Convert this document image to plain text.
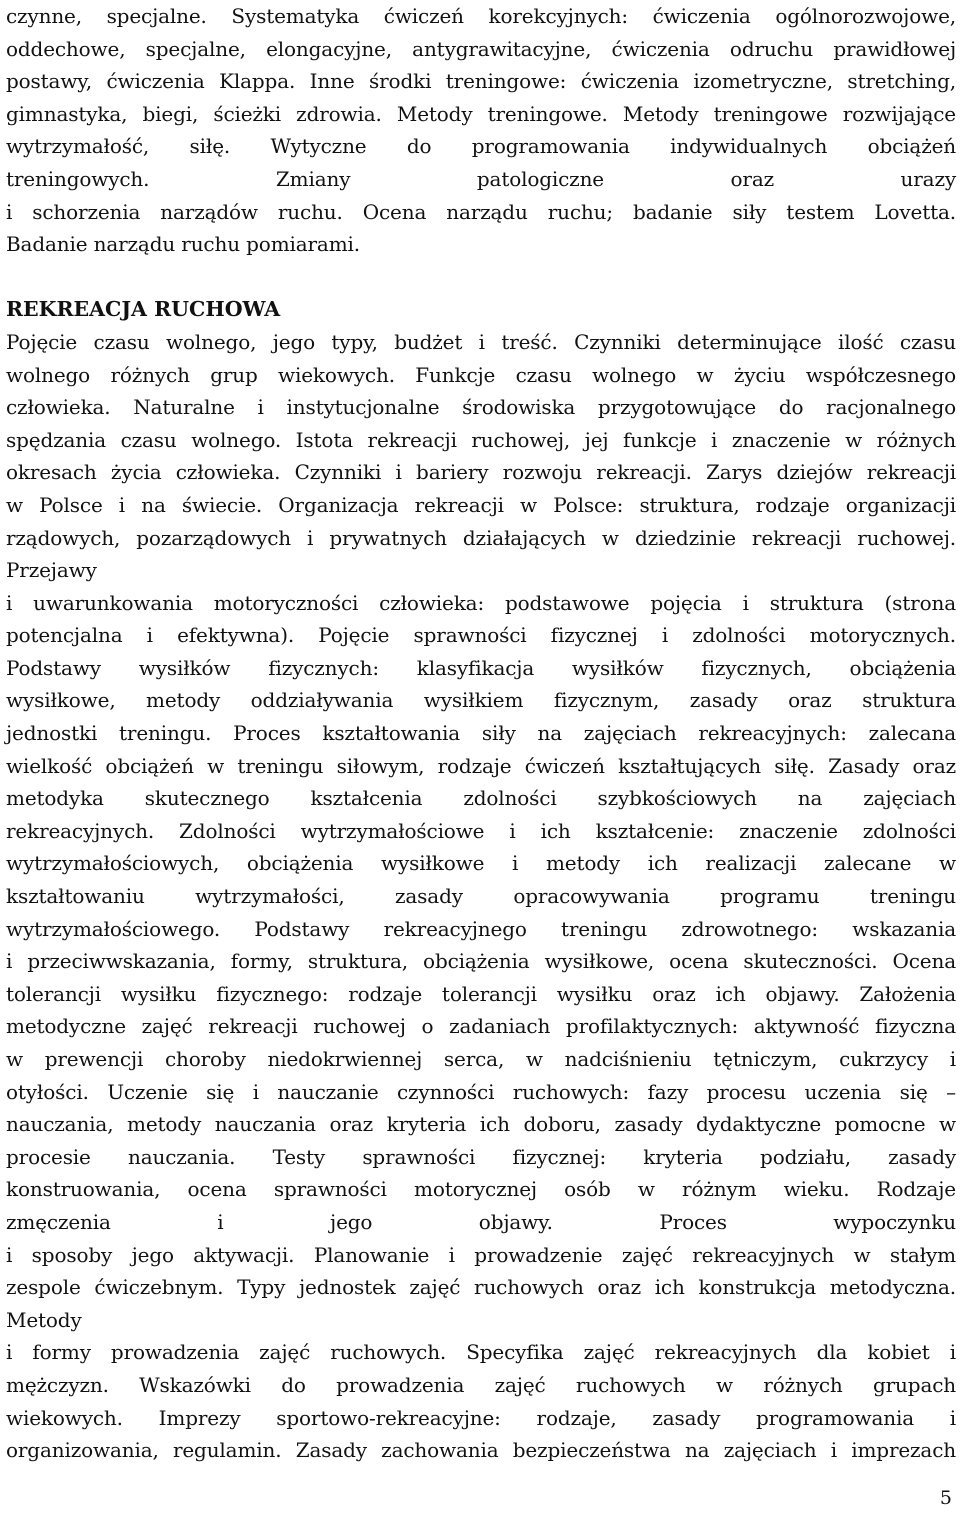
czynne, specjalne. Systematyka ćwiczeń korekcyjnych: ćwiczenia ogólnorozwojowe,
oddechowe, specjalne, elongacyjne, antygrawitacyjne, ćwiczenia odruchu prawidłowej
postawy, ćwiczenia Klappa. Inne środki treningowe: ćwiczenia izometryczne, stretching,
gimnastyka, biegi, ścieżki zdrowia. Metody treningowe. Metody treningowe rozwijające
wytrzymałość, siłę. Wytyczne do programowania indywidualnych obciążeń
treningowych. Zmiany patologiczne oraz urazy
i schorzenia narządów ruchu. Ocena narządu ruchu; badanie siły testem Lovetta.
Badanie narządu ruchu pomiarami.
REKREACJA RUCHOWA
Pojęcie czasu wolnego, jego typy, budżet i treść. Czynniki determinujące ilość czasu
wolnego różnych grup wiekowych. Funkcje czasu wolnego w życiu współczesnego
człowieka. Naturalne i instytucjonalne środowiska przygotowujące do racjonalnego
spędzania czasu wolnego. Istota rekreacji ruchowej, jej funkcje i znaczenie w różnych
okresach życia człowieka. Czynniki i bariery rozwoju rekreacji. Zarys dziejów rekreacji
w Polsce i na świecie. Organizacja rekreacji w Polsce: struktura, rodzaje organizacji
rządowych, pozarządowych i prywatnych działających w dziedzinie rekreacji ruchowej.
Przejawy
i uwarunkowania motoryczności człowieka: podstawowe pojęcia i struktura (strona
potencjalna i efektywna). Pojęcie sprawności fizycznej i zdolności motorycznych.
Podstawy wysiłków fizycznych: klasyfikacja wysiłków fizycznych, obciążenia
wysiłkowe, metody oddziaływania wysiłkiem fizycznym, zasady oraz struktura
jednostki treningu. Proces kształtowania siły na zajęciach rekreacyjnych: zalecana
wielkość obciążeń w treningu siłowym, rodzaje ćwiczeń kształtujących siłę. Zasady oraz
metodyka skutecznego kształcenia zdolności szybkościowych na zajęciach
rekreacyjnych. Zdolności wytrzymałościowe i ich kształcenie: znaczenie zdolności
wytrzymałościowych, obciążenia wysiłkowe i metody ich realizacji zalecane w
kształtowaniu wytrzymałości, zasady opracowywania programu treningu
wytrzymałościowego. Podstawy rekreacyjnego treningu zdrowotnego: wskazania
i przeciwwskazania, formy, struktura, obciążenia wysiłkowe, ocena skuteczności. Ocena
tolerancji wysiłku fizycznego: rodzaje tolerancji wysiłku oraz ich objawy. Założenia
metodyczne zajęć rekreacji ruchowej o zadaniach profilaktycznych: aktywność fizyczna
w prewencji choroby niedokrwiennej serca, w nadciśnieniu tętniczym, cukrzycy i
otyłości. Uczenie się i nauczanie czynności ruchowych: fazy procesu uczenia się –
nauczania, metody nauczania oraz kryteria ich doboru, zasady dydaktyczne pomocne w
procesie nauczania. Testy sprawności fizycznej: kryteria podziału, zasady
konstruowania, ocena sprawności motorycznej osób w różnym wieku. Rodzaje
zmęczenia i jego objawy. Proces wypoczynku
i sposoby jego aktywacji. Planowanie i prowadzenie zajęć rekreacyjnych w stałym
zespole ćwiczebnym. Typy jednostek zajęć ruchowych oraz ich konstrukcja metodyczna.
Metody
i formy prowadzenia zajęć ruchowych. Specyfika zajęć rekreacyjnych dla kobiet i
mężczyzn. Wskazówki do prowadzenia zajęć ruchowych w różnych grupach
wiekowych. Imprezy sportowo-rekreacyjne: rodzaje, zasady programowania i
organizowania, regulamin. Zasady zachowania bezpieczeństwa na zajęciach i imprezach
5
